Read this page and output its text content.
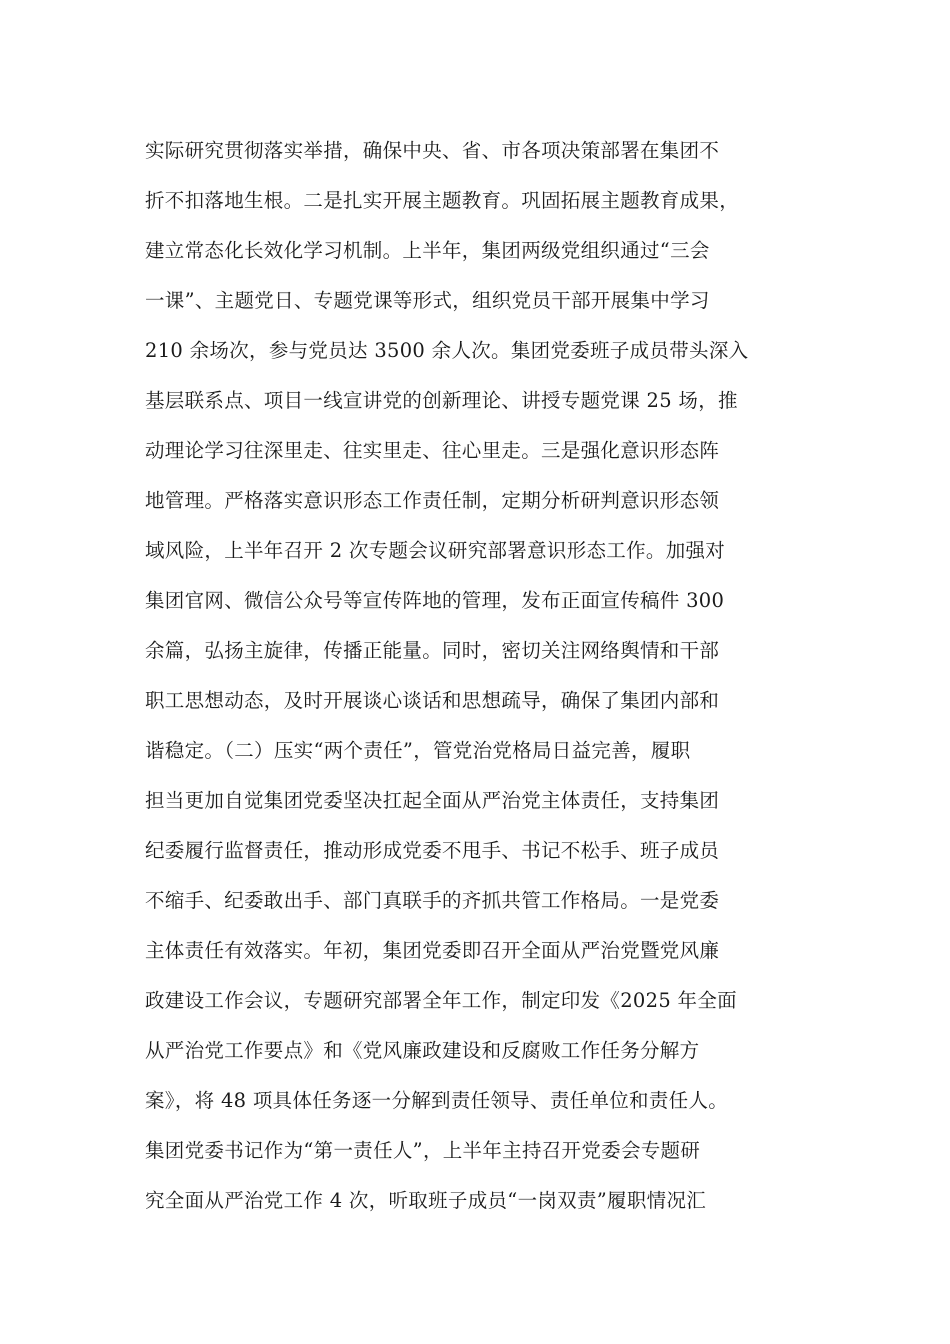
实际研究贯彻落实举措，确保中央、省、市各项决策部署在集团不
折不扣落地生根。二是扎实开展主题教育。巩固拓展主题教育成果，
建立常态化长效化学习机制。上半年，集团两级党组织通过“三会
一课”、主题党日、专题党课等形式，组织党员干部开展集中学习
210 余场次，参与党员达 3500 余人次。集团党委班子成员带头深入
基层联系点、项目一线宣讲党的创新理论、讲授专题党课 25 场，推
动理论学习往深里走、往实里走、往心里走。三是强化意识形态阵
地管理。严格落实意识形态工作责任制，定期分析研判意识形态领
域风险，上半年召开 2 次专题会议研究部署意识形态工作。加强对
集团官网、微信公众号等宣传阵地的管理，发布正面宣传稿件 300
余篇，弘扬主旋律，传播正能量。同时，密切关注网络舆情和干部
职工思想动态，及时开展谈心谈话和思想疏导，确保了集团内部和
谐稳定。（二）压实“两个责任”，管党治党格局日益完善，履职
担当更加自觉集团党委坚决扛起全面从严治党主体责任，支持集团
纪委履行监督责任，推动形成党委不甩手、书记不松手、班子成员
不缩手、纪委敢出手、部门真联手的齐抓共管工作格局。一是党委
主体责任有效落实。年初，集团党委即召开全面从严治党暨党风廉
政建设工作会议，专题研究部署全年工作，制定印发《2025 年全面
从严治党工作要点》和《党风廉政建设和反腐败工作任务分解方
案》，将 48 项具体任务逐一分解到责任领导、责任单位和责任人。
集团党委书记作为“第一责任人”，上半年主持召开党委会专题研
究全面从严治党工作 4 次，听取班子成员“一岗双责”履职情况汇
